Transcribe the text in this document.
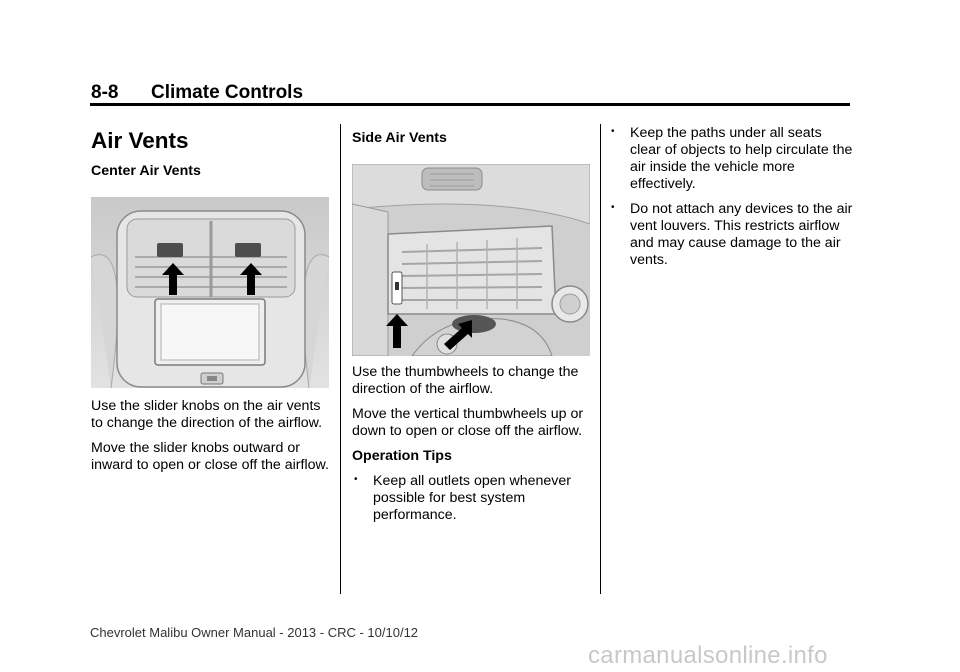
8-8 Climate Controls
Air Vents
Center Air Vents

Use the slider knobs on the air vents to change the direction of the airflow.

Move the slider knobs outward or inward to open or close off the airflow.

Side Air Vents

Use the thumbwheels to change the direction of the airflow.

Move the vertical thumbwheels up or down to open or close off the airflow.

Operation Tips
• Keep all outlets open whenever possible for best system performance.
• Keep the paths under all seats clear of objects to help circulate the air inside the vehicle more effectively.
• Do not attach any devices to the air vent louvers. This restricts airflow and may cause damage to the air vents.
Chevrolet Malibu Owner Manual - 2013 - CRC - 10/10/12
carmanualsonline.info
